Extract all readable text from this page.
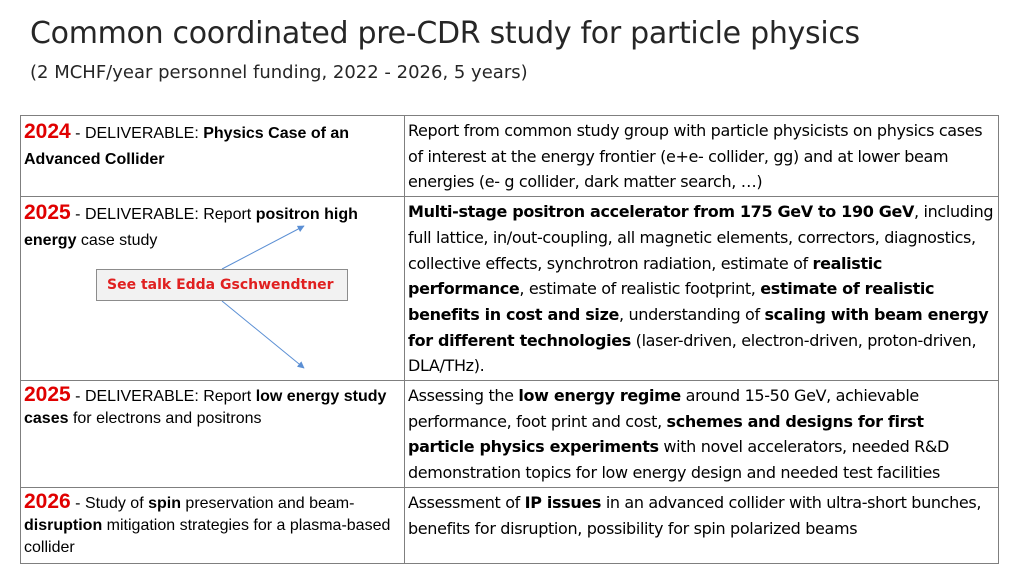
Common coordinated pre-CDR study for particle physics
(2 MCHF/year personnel funding, 2022 - 2026, 5 years)
2024 - DELIVERABLE: Physics Case of an Advanced Collider	Report from common study group with particle physicists on physics cases of interest at the energy frontier (e+e- collider, gg) and at lower beam energies (e- g collider, dark matter search, …)
2025 - DELIVERABLE: Report positron high energy case study	Multi-stage positron accelerator from 175 GeV to 190 GeV, including full lattice, in/out-coupling, all magnetic elements, correctors, diagnostics, collective effects, synchrotron radiation, estimate of realistic performance, estimate of realistic footprint, estimate of realistic benefits in cost and size, understanding of scaling with beam energy for different technologies (laser-driven, electron-driven, proton-driven, DLA/THz).
2025 - DELIVERABLE: Report low energy study cases for electrons and positrons	Assessing the low energy regime around 15-50 GeV, achievable performance, foot print and cost, schemes and designs for first particle physics experiments with novel accelerators, needed R&D demonstration topics for low energy design and needed test facilities
2026 - Study of spin preservation and beam-disruption mitigation strategies for a plasma-based collider	Assessment of IP issues in an advanced collider with ultra-short bunches, benefits for disruption, possibility for spin polarized beams
See talk Edda Gschwendtner
